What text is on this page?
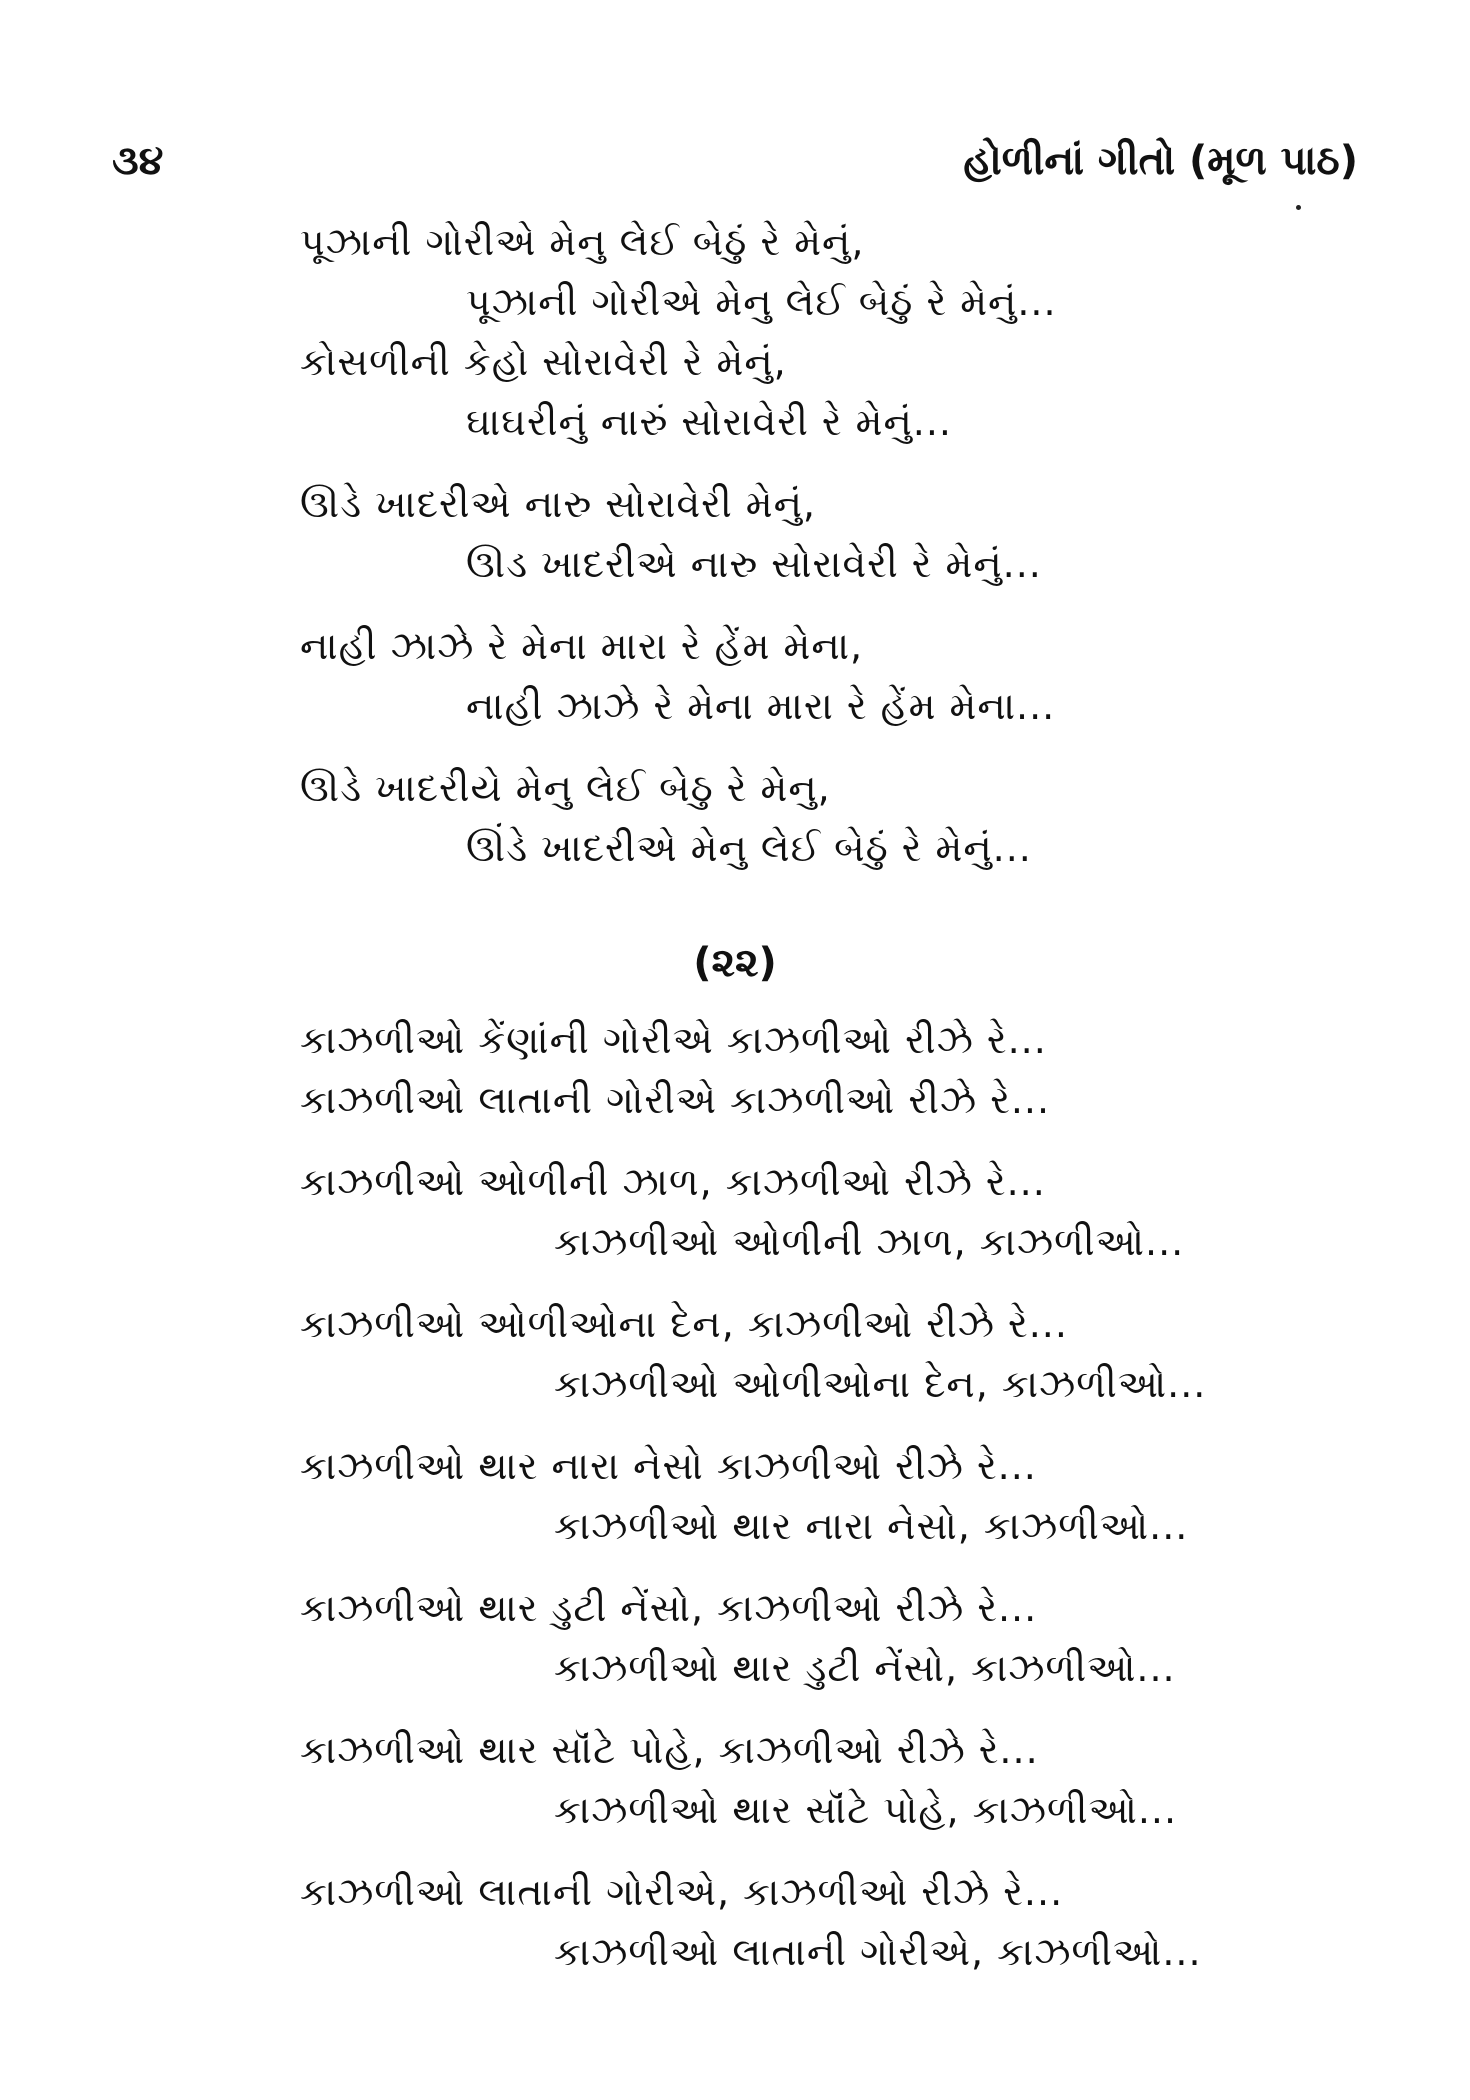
૩૪	હોળીનાં ગીતો (મૂળ પાઠ)
પૂઝાની ગોરીએ મેનુ લેઈ બેઠું રે મેનું,
પૂઝાની ગોરીએ મેનુ લેઈ બેઠું રે મેનું...
કોસળીની કેહો સોરાવેરી રે મેનું,
ઘાઘરીનું નારું સોરાવેરી રે મેનું...
ઊડે ખાદરીએ નારુ સોરાવેરી મેનું,
ઊડ ખાદરીએ નારુ સોરાવેરી રે મેનું...
નાહી ઝાઝે રે મેના મારા રે હેંમ મેના,
નાહી ઝાઝે રે મેના મારા રે હેંમ મેના...
ઊડે ખાદરીયે મેનુ લેઈ બેઠુ રે મેનુ,
ઊંડે ખાદરીએ મેનુ લેઈ બેઠું રે મેનું...
(૨૨)
કાઝળીઓ કેંણાંની ગોરીએ કાઝળીઓ રીઝે રે...
કાઝળીઓ લાતાની ગોરીએ કાઝળીઓ રીઝે રે...
કાઝળીઓ ઓળીની ઝાળ, કાઝળીઓ રીઝે રે...
કાઝળીઓ ઓળીની ઝાળ, કાઝળીઓ...
કાઝળીઓ ઓળીઓના દેન, કાઝળીઓ રીઝે રે...
કાઝળીઓ ઓળીઓના દેન, કાઝળીઓ...
કાઝળીઓ થાર નારા નેસો કાઝળીઓ રીઝે રે...
કાઝળીઓ થાર નારા નેસો, કાઝળીઓ...
કાઝળીઓ થાર ડુટી નેંસો, કાઝળીઓ રીઝે રે...
કાઝળીઓ થાર ડુટી નેંસો, કાઝળીઓ...
કાઝળીઓ થાર સૉંટે પોહે, કાઝળીઓ રીઝે રે...
કાઝળીઓ થાર સૉંટે પોહે, કાઝળીઓ...
કાઝળીઓ લાતાની ગોરીએ, કાઝળીઓ રીઝે રે...
કાઝળીઓ લાતાની ગોરીએ, કાઝળીઓ...
